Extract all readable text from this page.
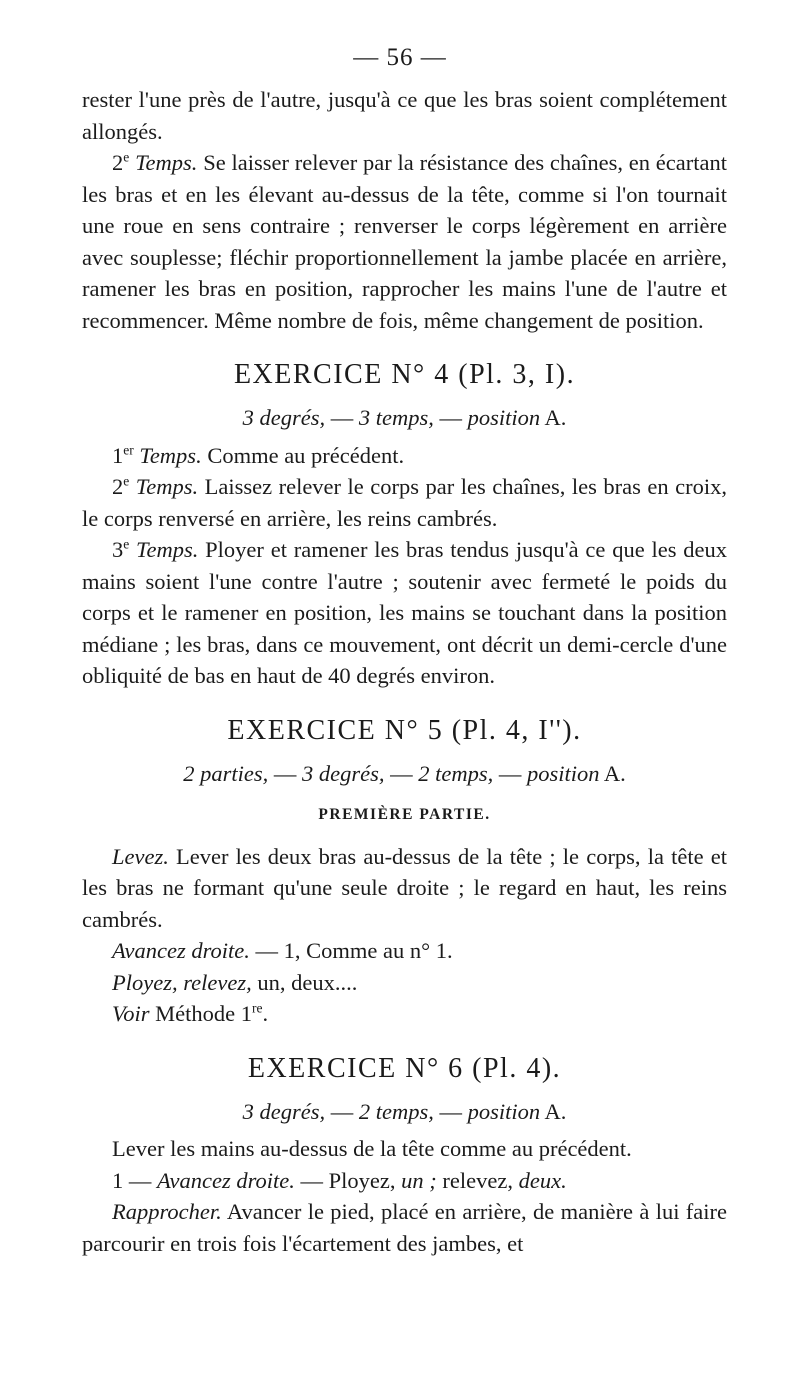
— 56 —

rester l'une près de l'autre, jusqu'à ce que les bras soient complétement allongés.

2e Temps. Se laisser relever par la résistance des chaînes, en écartant les bras et en les élevant au-dessus de la tête, comme si l'on tournait une roue en sens contraire ; renverser le corps légèrement en arrière avec souplesse; fléchir proportionnellement la jambe placée en arrière, ramener les bras en position, rapprocher les mains l'une de l'autre et recommencer. Même nombre de fois, même changement de position.

EXERCICE N° 4 (Pl. 3, I).

3 degrés, — 3 temps, — position A.

1er Temps. Comme au précédent.

2e Temps. Laissez relever le corps par les chaînes, les bras en croix, le corps renversé en arrière, les reins cambrés.

3e Temps. Ployer et ramener les bras tendus jusqu'à ce que les deux mains soient l'une contre l'autre ; soutenir avec fermeté le poids du corps et le ramener en position, les mains se touchant dans la position médiane ; les bras, dans ce mouvement, ont décrit un demi-cercle d'une obliquité de bas en haut de 40 degrés environ.

EXERCICE N° 5 (Pl. 4, I'').

2 parties, — 3 degrés, — 2 temps, — position A.

PREMIÈRE PARTIE.

Levez. Lever les deux bras au-dessus de la tête ; le corps, la tête et les bras ne formant qu'une seule droite ; le regard en haut, les reins cambrés.

Avancez droite. — 1, Comme au n° 1.

Ployez, relevez, un, deux....

Voir Méthode 1re.

EXERCICE N° 6 (Pl. 4).

3 degrés, — 2 temps, — position A.

Lever les mains au-dessus de la tête comme au précédent.

1 — Avancez droite. — Ployez, un ; relevez, deux.

Rapprocher. Avancer le pied, placé en arrière, de manière à lui faire parcourir en trois fois l'écartement des jambes, et
